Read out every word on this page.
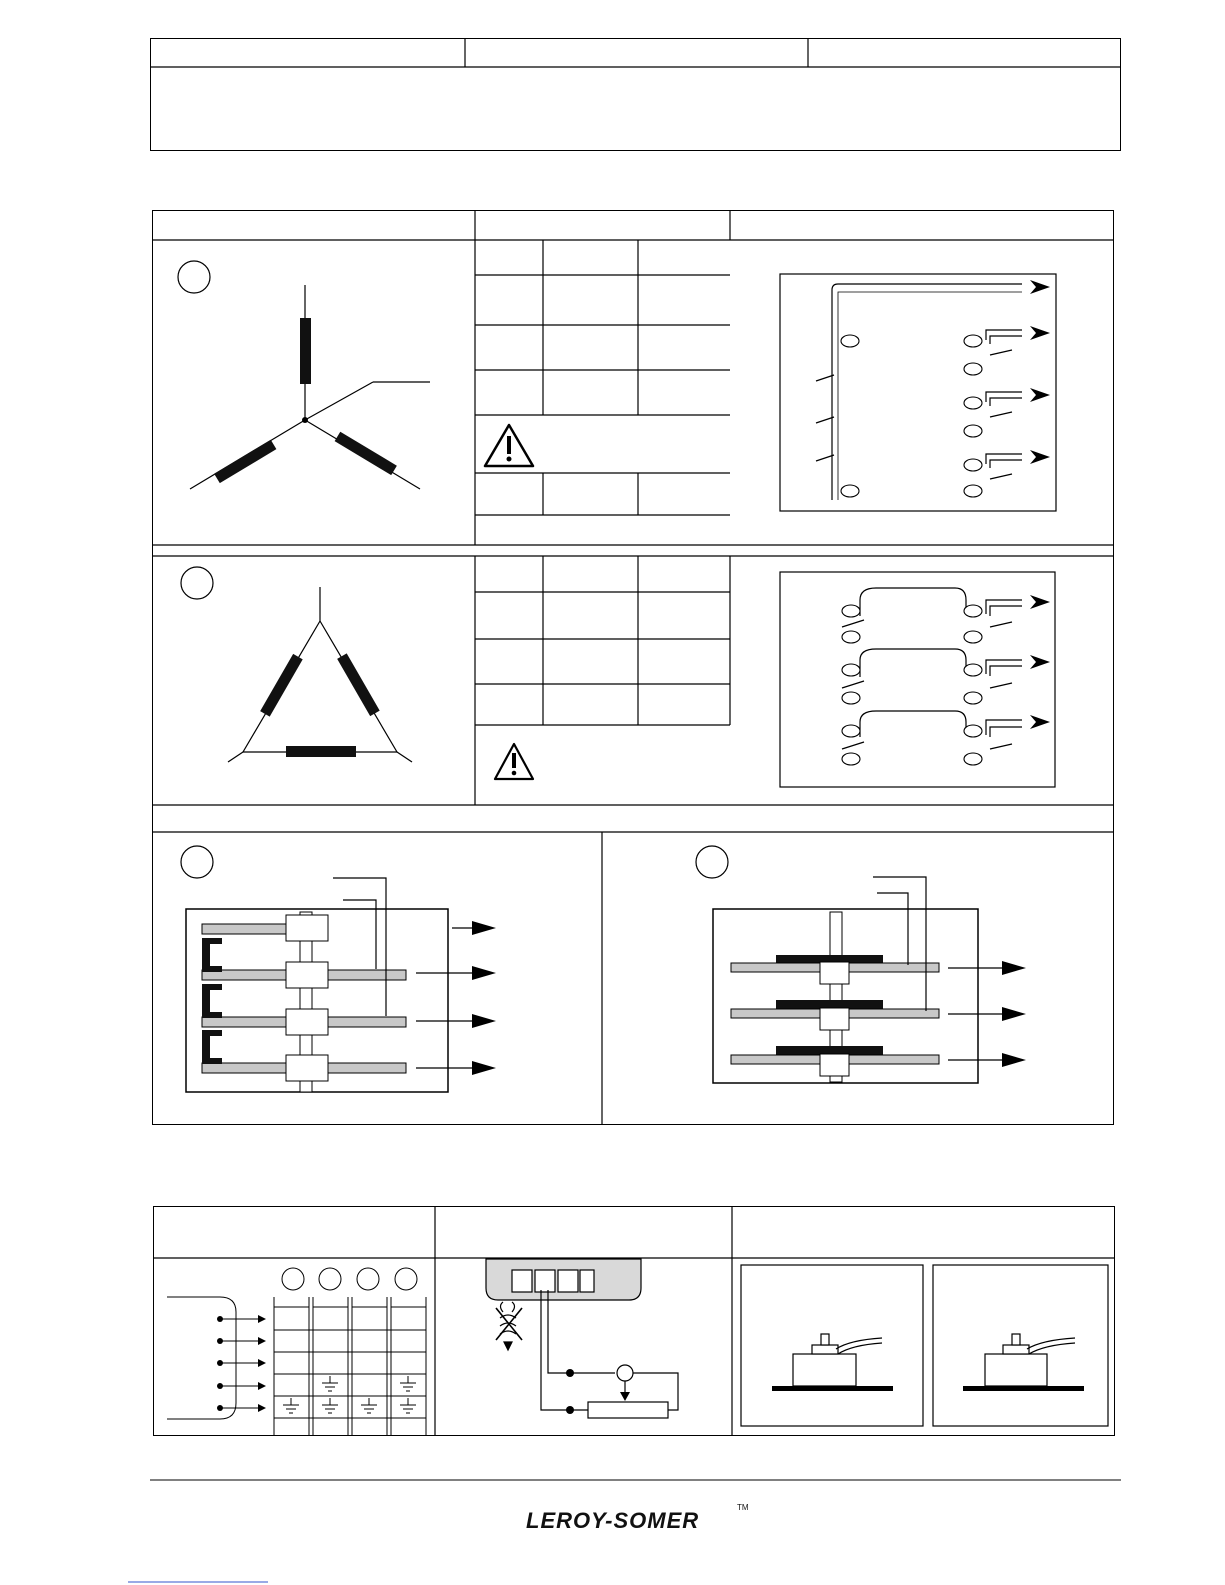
LEROY-SOMER
TM
